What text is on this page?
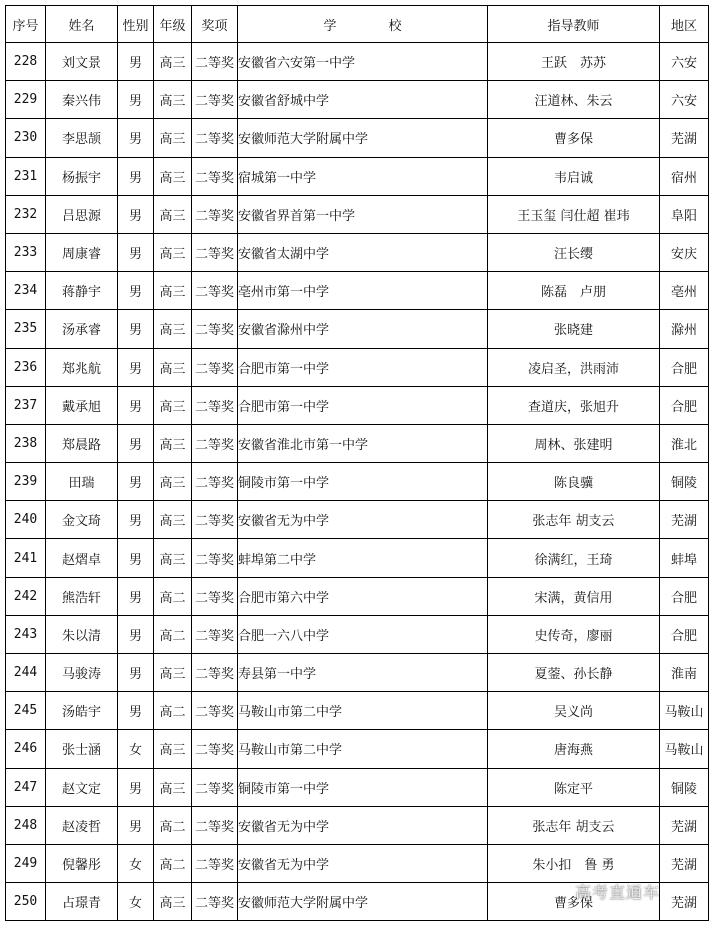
序号	姓名	性别	年级	奖项	学　　　　校	指导教师	地区
228	刘文景	男	高三	二等奖	安徽省六安第一中学	王跃　苏苏	六安
229	秦兴伟	男	高三	二等奖	安徽省舒城中学	汪道林、朱云	六安
230	李思颉	男	高三	二等奖	安徽师范大学附属中学	曹多保	芜湖
231	杨振宇	男	高三	二等奖	宿城第一中学	韦启诚	宿州
232	吕思源	男	高三	二等奖	安徽省界首第一中学	王玉玺 闫仕超 崔玮	阜阳
233	周康睿	男	高三	二等奖	安徽省太湖中学	汪长缨	安庆
234	蒋静宇	男	高三	二等奖	亳州市第一中学	陈磊　卢朋	亳州
235	汤承睿	男	高三	二等奖	安徽省滁州中学	张晓建	滁州
236	郑兆航	男	高三	二等奖	合肥市第一中学	凌启圣，洪雨沛	合肥
237	戴承旭	男	高三	二等奖	合肥市第一中学	查道庆，张旭升	合肥
238	郑晨路	男	高三	二等奖	安徽省淮北市第一中学	周林、张建明	淮北
239	田瑞	男	高三	二等奖	铜陵市第一中学	陈良骥	铜陵
240	金文琦	男	高三	二等奖	安徽省无为中学	张志年 胡支云	芜湖
241	赵熠卓	男	高三	二等奖	蚌埠第二中学	徐满红，王琦	蚌埠
242	熊浩轩	男	高二	二等奖	合肥市第六中学	宋满，黄信用	合肥
243	朱以清	男	高二	二等奖	合肥一六八中学	史传奇，廖丽	合肥
244	马骏涛	男	高三	二等奖	寿县第一中学	夏蓥、孙长静	淮南
245	汤皓宇	男	高二	二等奖	马鞍山市第二中学	吴义尚	马鞍山
246	张士涵	女	高三	二等奖	马鞍山市第二中学	唐海燕	马鞍山
247	赵文定	男	高三	二等奖	铜陵市第一中学	陈定平	铜陵
248	赵凌哲	男	高二	二等奖	安徽省无为中学	张志年 胡支云	芜湖
249	倪馨彤	女	高二	二等奖	安徽省无为中学	朱小扣　鲁 勇	芜湖
250	占璟青	女	高三	二等奖	安徽师范大学附属中学	曹多保	芜湖
高考直通车
